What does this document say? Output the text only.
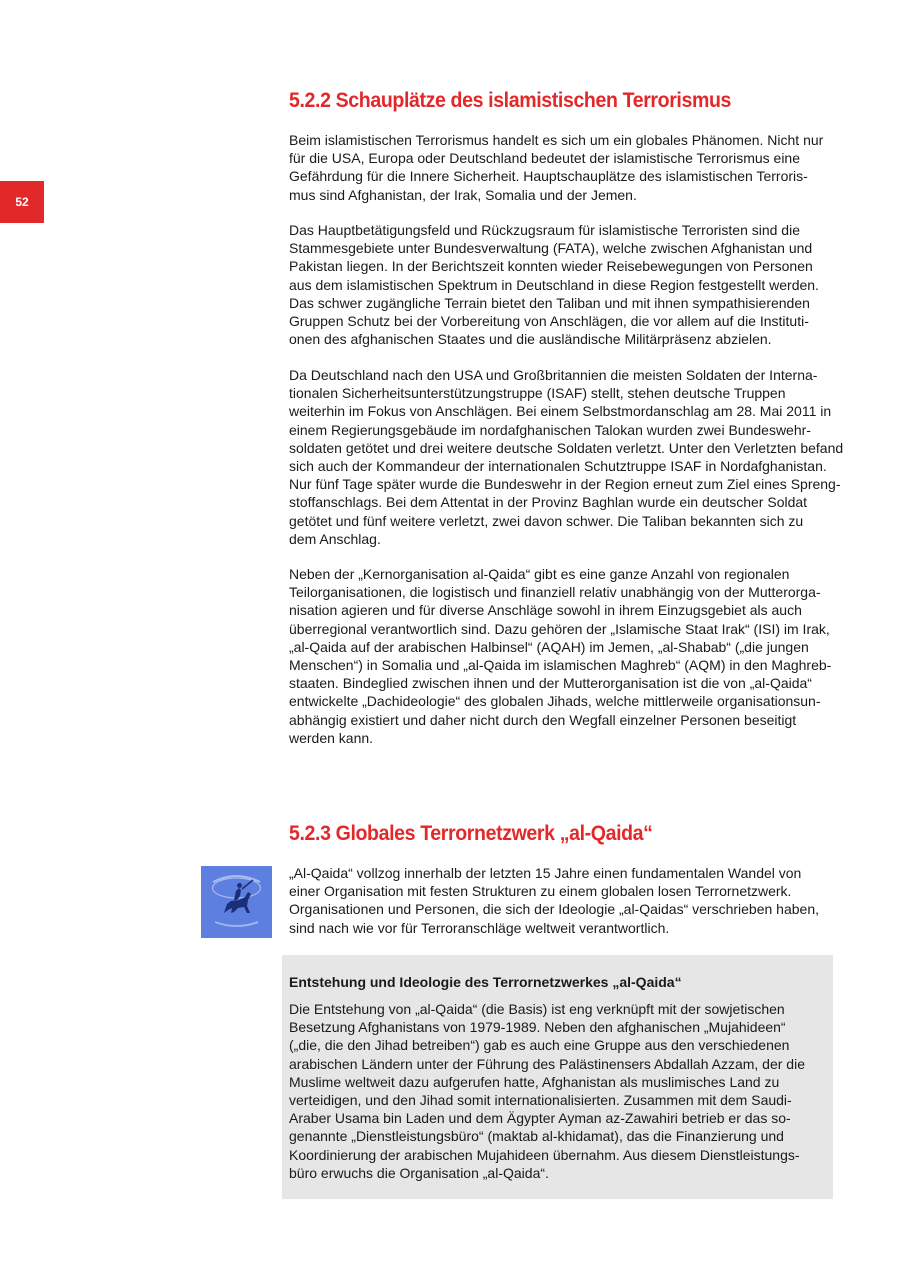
52
5.2.2 Schauplätze des islamistischen Terrorismus

Beim islamistischen Terrorismus handelt es sich um ein globales Phänomen. Nicht nur
für die USA, Europa oder Deutschland bedeutet der islamistische Terrorismus eine
Gefährdung für die Innere Sicherheit. Hauptschauplätze des islamistischen Terroris-
mus sind Afghanistan, der Irak, Somalia und der Jemen.

Das Hauptbetätigungsfeld und Rückzugsraum für islamistische Terroristen sind die
Stammesgebiete unter Bundesverwaltung (FATA), welche zwischen Afghanistan und
Pakistan liegen. In der Berichtszeit konnten wieder Reisebewegungen von Personen
aus dem islamistischen Spektrum in Deutschland in diese Region festgestellt werden.
Das schwer zugängliche Terrain bietet den Taliban und mit ihnen sympathisierenden
Gruppen Schutz bei der Vorbereitung von Anschlägen, die vor allem auf die Instituti-
onen des afghanischen Staates und die ausländische Militärpräsenz abzielen.

Da Deutschland nach den USA und Großbritannien die meisten Soldaten der Interna-
tionalen Sicherheitsunterstützungstruppe (ISAF) stellt, stehen deutsche Truppen
weiterhin im Fokus von Anschlägen. Bei einem Selbstmordanschlag am 28. Mai 2011 in
einem Regierungsgebäude im nordafghanischen Talokan wurden zwei Bundeswehr-
soldaten getötet und drei weitere deutsche Soldaten verletzt. Unter den Verletzten befand
sich auch der Kommandeur der internationalen Schutztruppe ISAF in Nordafghanistan.
Nur fünf Tage später wurde die Bundeswehr in der Region erneut zum Ziel eines Spreng-
stoffanschlags. Bei dem Attentat in der Provinz Baghlan wurde ein deutscher Soldat
getötet und fünf weitere verletzt, zwei davon schwer. Die Taliban bekannten sich zu
dem Anschlag.

Neben der „Kernorganisation al-Qaida“ gibt es eine ganze Anzahl von regionalen
Teilorganisationen, die logistisch und finanziell relativ unabhängig von der Mutterorga-
nisation agieren und für diverse Anschläge sowohl in ihrem Einzugsgebiet als auch
überregional verantwortlich sind. Dazu gehören der „Islamische Staat Irak“ (ISI) im Irak,
„al-Qaida auf der arabischen Halbinsel“ (AQAH) im Jemen, „al-Shabab“ („die jungen
Menschen“) in Somalia und „al-Qaida im islamischen Maghreb“ (AQM) in den Maghreb-
staaten. Bindeglied zwischen ihnen und der Mutterorganisation ist die von „al-Qaida“
entwickelte „Dachideologie“ des globalen Jihads, welche mittlerweile organisationsun-
abhängig existiert und daher nicht durch den Wegfall einzelner Personen beseitigt
werden kann.

5.2.3 Globales Terrornetzwerk „al-Qaida“

„Al-Qaida“ vollzog innerhalb der letzten 15 Jahre einen fundamentalen Wandel von
einer Organisation mit festen Strukturen zu einem globalen losen Terrornetzwerk.
Organisationen und Personen, die sich der Ideologie „al-Qaidas“ verschrieben haben,
sind nach wie vor für Terroranschläge weltweit verantwortlich.

Entstehung und Ideologie des Terrornetzwerkes „al-Qaida“

Die Entstehung von „al-Qaida“ (die Basis) ist eng verknüpft mit der sowjetischen
Besetzung Afghanistans von 1979-1989. Neben den afghanischen „Mujahideen“
(„die, die den Jihad betreiben“) gab es auch eine Gruppe aus den verschiedenen
arabischen Ländern unter der Führung des Palästinensers Abdallah Azzam, der die
Muslime weltweit dazu aufgerufen hatte, Afghanistan als muslimisches Land zu
verteidigen, und den Jihad somit internationalisierten. Zusammen mit dem Saudi-
Araber Usama bin Laden und dem Ägypter Ayman az-Zawahiri betrieb er das so-
genannte „Dienstleistungsbüro“ (maktab al-khidamat), das die Finanzierung und
Koordinierung der arabischen Mujahideen übernahm. Aus diesem Dienstleistungs-
büro erwuchs die Organisation „al-Qaida“.
